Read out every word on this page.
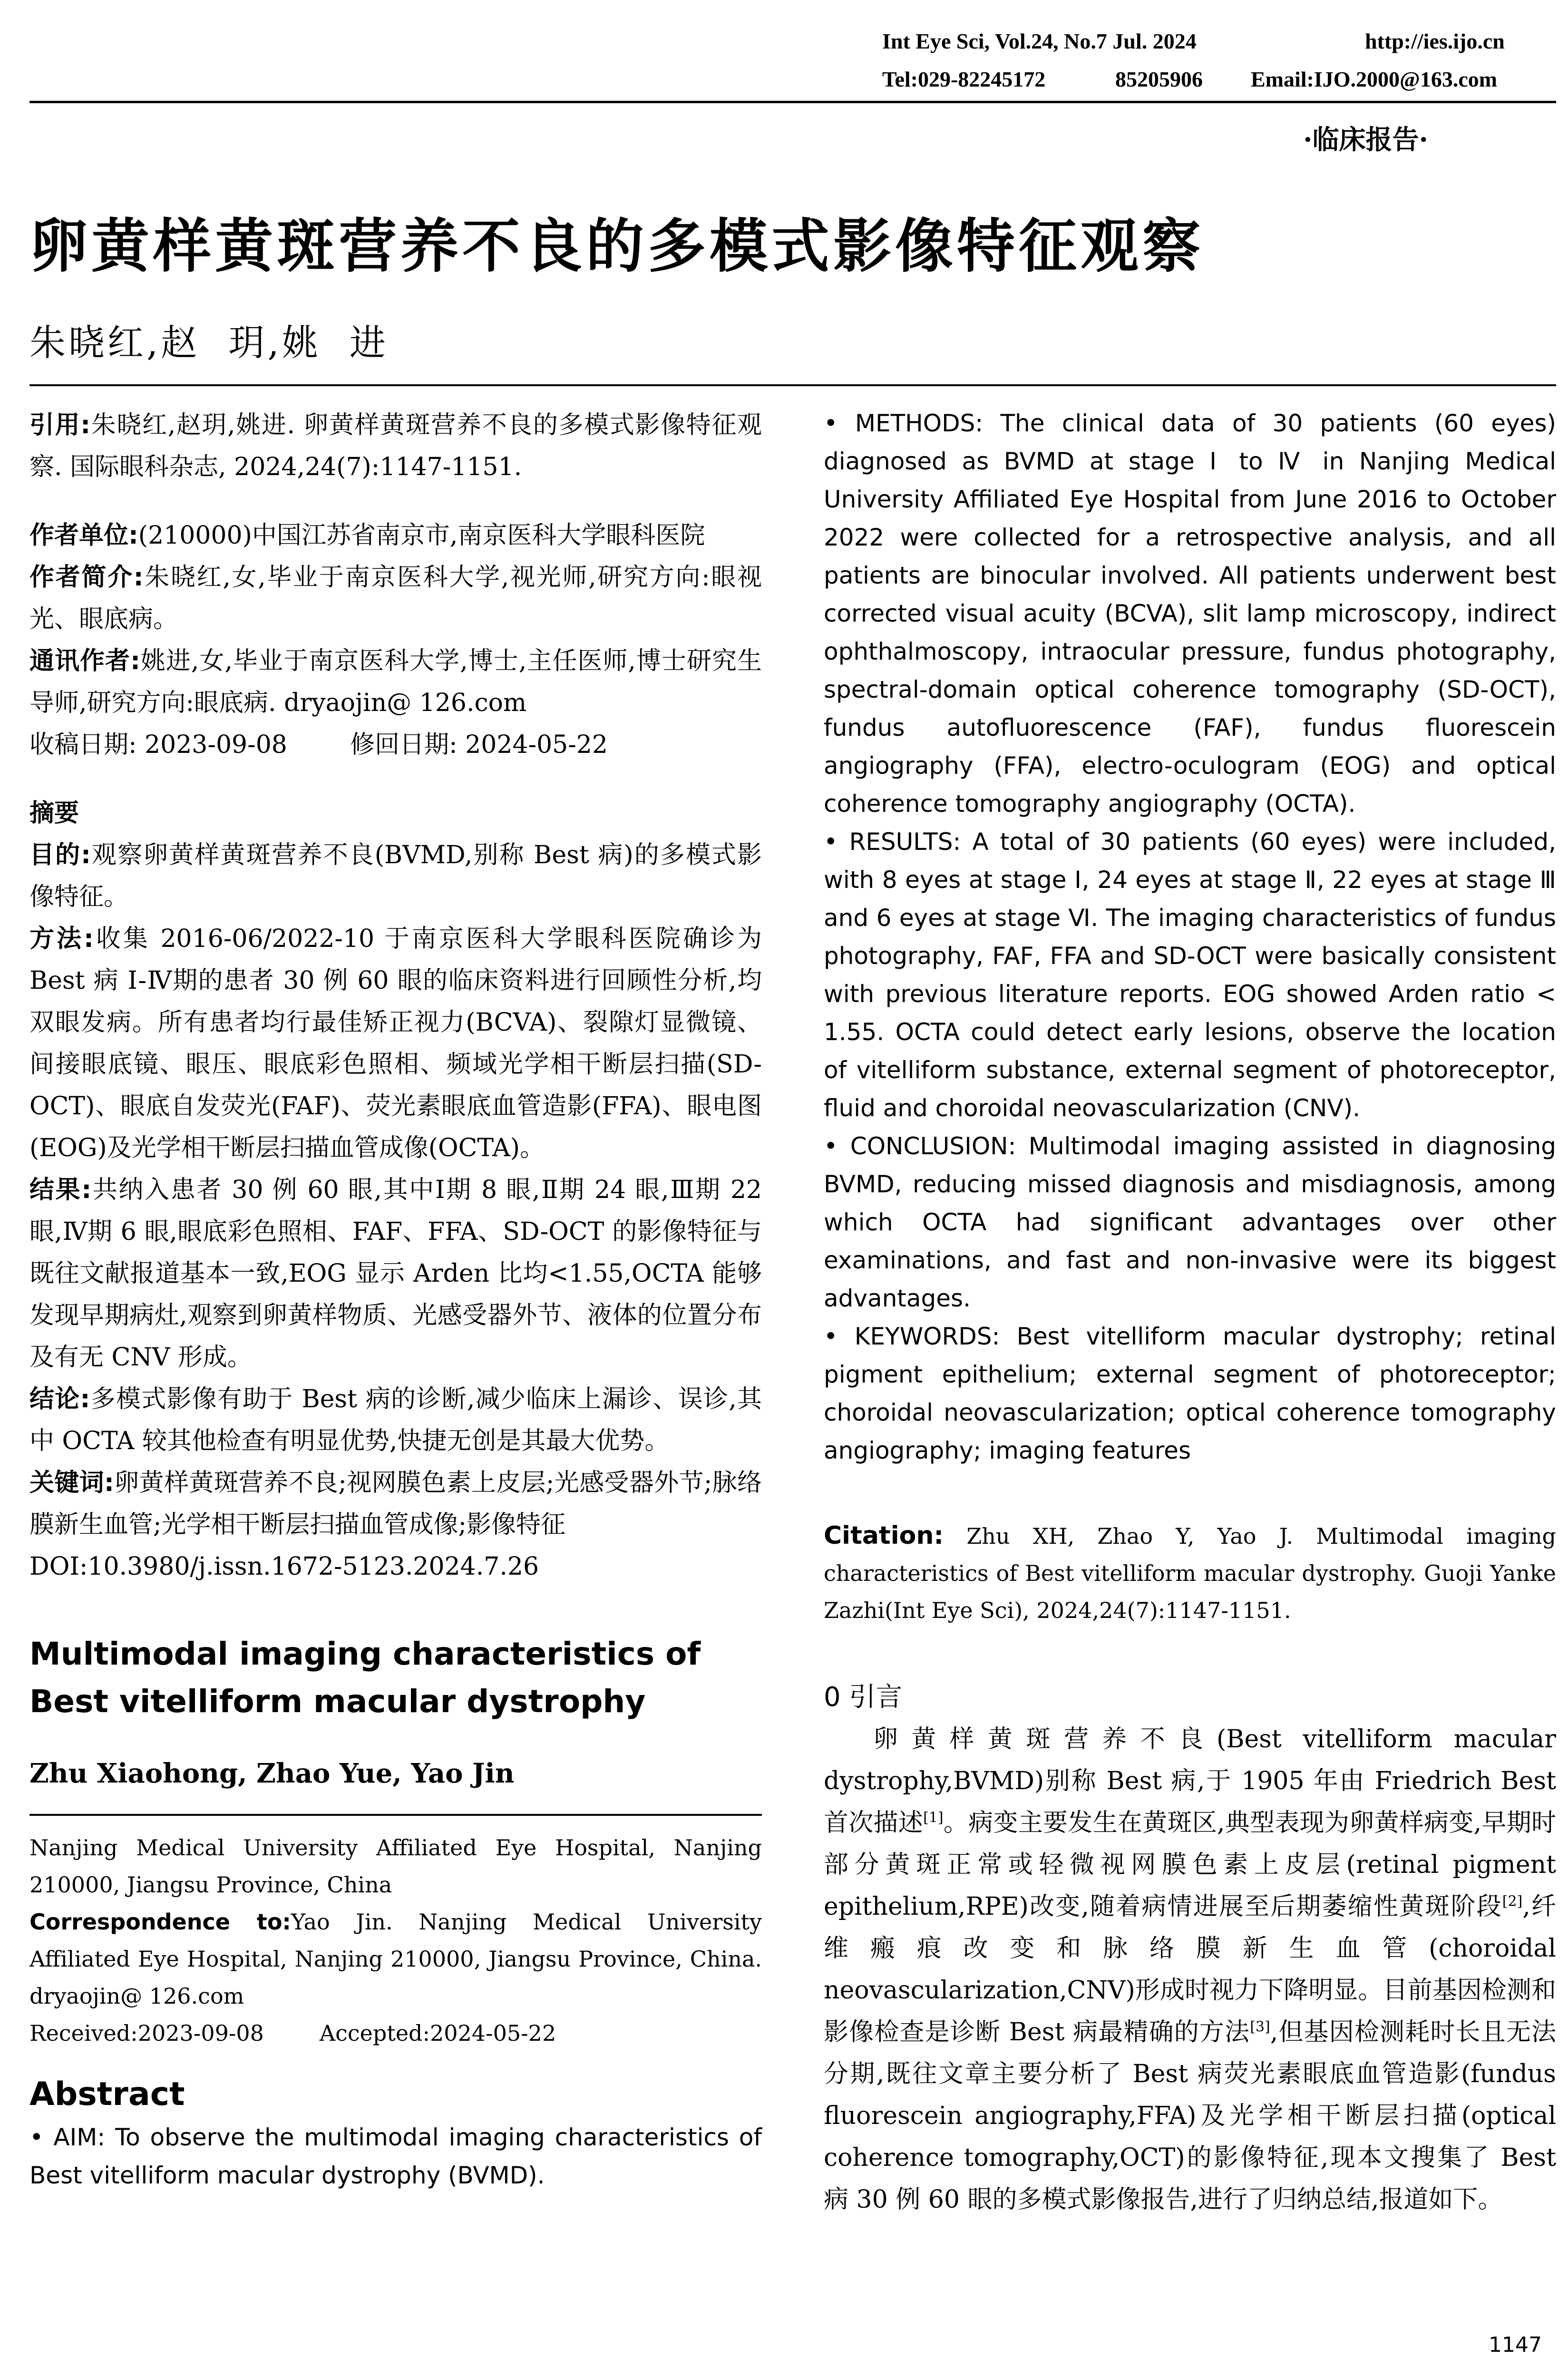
Int Eye Sci, Vol.24, No.7 Jul. 2024	http://ies.ijo.cn
Tel:029-82245172	85205906 Email:IJO.2000@163.com
·临床报告·
卵黄样黄斑营养不良的多模式影像特征观察
朱晓红,赵  玥,姚  进

引用:朱晓红,赵玥,姚进. 卵黄样黄斑营养不良的多模式影像特征观察. 国际眼科杂志, 2024,24(7):1147-1151.

作者单位:(210000)中国江苏省南京市,南京医科大学眼科医院

作者简介:朱晓红,女,毕业于南京医科大学,视光师,研究方向:眼视光、眼底病。

通讯作者:姚进,女,毕业于南京医科大学,博士,主任医师,博士研究生导师,研究方向:眼底病. dryaojin@ 126.com

收稿日期: 2023-09-08	修回日期: 2024-05-22

摘要

目的:观察卵黄样黄斑营养不良(BVMD,别称 Best 病)的多模式影像特征。

方法:收集 2016-06/2022-10 于南京医科大学眼科医院确诊为 Best 病 Ⅰ-Ⅳ期的患者 30 例 60 眼的临床资料进行回顾性分析,均双眼发病。所有患者均行最佳矫正视力(BCVA)、裂隙灯显微镜、间接眼底镜、眼压、眼底彩色照相、频域光学相干断层扫描(SD-OCT)、眼底自发荧光(FAF)、荧光素眼底血管造影(FFA)、眼电图(EOG)及光学相干断层扫描血管成像(OCTA)。

结果:共纳入患者 30 例 60 眼,其中Ⅰ期 8 眼,Ⅱ期 24 眼,Ⅲ期 22 眼,Ⅳ期 6 眼,眼底彩色照相、FAF、FFA、SD-OCT 的影像特征与既往文献报道基本一致,EOG 显示 Arden 比均<1.55,OCTA 能够发现早期病灶,观察到卵黄样物质、光感受器外节、液体的位置分布及有无 CNV 形成。

结论:多模式影像有助于 Best 病的诊断,减少临床上漏诊、误诊,其中 OCTA 较其他检查有明显优势,快捷无创是其最大优势。

关键词:卵黄样黄斑营养不良;视网膜色素上皮层;光感受器外节;脉络膜新生血管;光学相干断层扫描血管成像;影像特征

DOI:10.3980/j.issn.1672-5123.2024.7.26

Multimodal imaging characteristics of Best vitelliform macular dystrophy

Zhu Xiaohong, Zhao Yue, Yao Jin

Nanjing Medical University Affiliated Eye Hospital, Nanjing 210000, Jiangsu Province, China

Correspondence to:Yao Jin. Nanjing Medical University Affiliated Eye Hospital, Nanjing 210000, Jiangsu Province, China. dryaojin@ 126.com

Received:2023-09-08	Accepted:2024-05-22

Abstract

• AIM: To observe the multimodal imaging characteristics of Best vitelliform macular dystrophy (BVMD).

• METHODS: The clinical data of 30 patients (60 eyes) diagnosed as BVMD at stage Ⅰ to Ⅳ in Nanjing Medical University Affiliated Eye Hospital from June 2016 to October 2022 were collected for a retrospective analysis, and all patients are binocular involved. All patients underwent best corrected visual acuity (BCVA), slit lamp microscopy, indirect ophthalmoscopy, intraocular pressure, fundus photography, spectral-domain optical coherence tomography (SD-OCT), fundus autofluorescence (FAF), fundus fluorescein angiography (FFA), electro-oculogram (EOG) and optical coherence tomography angiography (OCTA).

• RESULTS: A total of 30 patients (60 eyes) were included, with 8 eyes at stage Ⅰ, 24 eyes at stage Ⅱ, 22 eyes at stage Ⅲ and 6 eyes at stage Ⅵ. The imaging characteristics of fundus photography, FAF, FFA and SD-OCT were basically consistent with previous literature reports. EOG showed Arden ratio < 1.55. OCTA could detect early lesions, observe the location of vitelliform substance, external segment of photoreceptor, fluid and choroidal neovascularization (CNV).

• CONCLUSION: Multimodal imaging assisted in diagnosing BVMD, reducing missed diagnosis and misdiagnosis, among which OCTA had significant advantages over other examinations, and fast and non-invasive were its biggest advantages.

• KEYWORDS: Best vitelliform macular dystrophy; retinal pigment epithelium; external segment of photoreceptor; choroidal neovascularization; optical coherence tomography angiography; imaging features

Citation: Zhu XH, Zhao Y, Yao J. Multimodal imaging characteristics of Best vitelliform macular dystrophy. Guoji Yanke Zazhi(Int Eye Sci), 2024,24(7):1147-1151.

0 引言

卵黄样黄斑营养不良(Best vitelliform macular dystrophy,BVMD)别称 Best 病,于 1905 年由 Friedrich Best 首次描述[1]。病变主要发生在黄斑区,典型表现为卵黄样病变,早期时部分黄斑正常或轻微视网膜色素上皮层(retinal pigment epithelium,RPE)改变,随着病情进展至后期萎缩性黄斑阶段[2],纤维瘢痕改变和脉络膜新生血管(choroidal neovascularization,CNV)形成时视力下降明显。目前基因检测和影像检查是诊断 Best 病最精确的方法[3],但基因检测耗时长且无法分期,既往文章主要分析了 Best 病荧光素眼底血管造影(fundus fluorescein angiography,FFA)及光学相干断层扫描(optical coherence tomography,OCT)的影像特征,现本文搜集了 Best 病 30 例 60 眼的多模式影像报告,进行了归纳总结,报道如下。

1147
